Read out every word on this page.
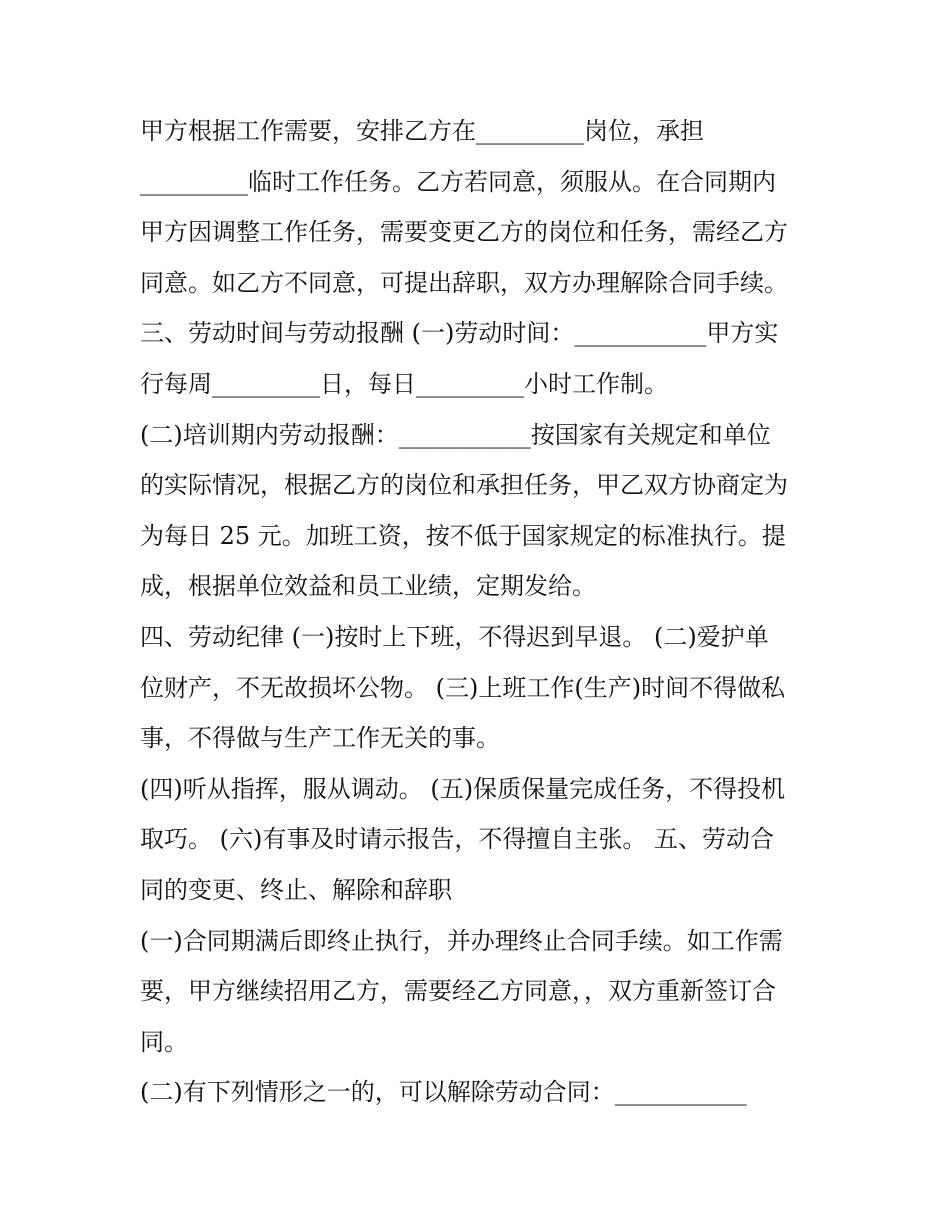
甲方根据工作需要，安排乙方在_________岗位，承担
_________临时工作任务。乙方若同意，须服从。在合同期内
甲方因调整工作任务，需要变更乙方的岗位和任务，需经乙方
同意。如乙方不同意，可提出辞职，双方办理解除合同手续。
三、劳动时间与劳动报酬 (一)劳动时间：___________甲方实
行每周_________日，每日_________小时工作制。
(二)培训期内劳动报酬：___________按国家有关规定和单位
的实际情况，根据乙方的岗位和承担任务，甲乙双方协商定为
为每日 25 元。加班工资，按不低于国家规定的标准执行。提
成，根据单位效益和员工业绩，定期发给。
四、劳动纪律 (一)按时上下班，不得迟到早退。 (二)爱护单
位财产，不无故损坏公物。 (三)上班工作(生产)时间不得做私
事，不得做与生产工作无关的事。
(四)听从指挥，服从调动。 (五)保质保量完成任务，不得投机
取巧。 (六)有事及时请示报告，不得擅自主张。 五、劳动合
同的变更、终止、解除和辞职
(一)合同期满后即终止执行，并办理终止合同手续。如工作需
要，甲方继续招用乙方，需要经乙方同意，，双方重新签订合
同。
(二)有下列情形之一的，可以解除劳动合同：___________
